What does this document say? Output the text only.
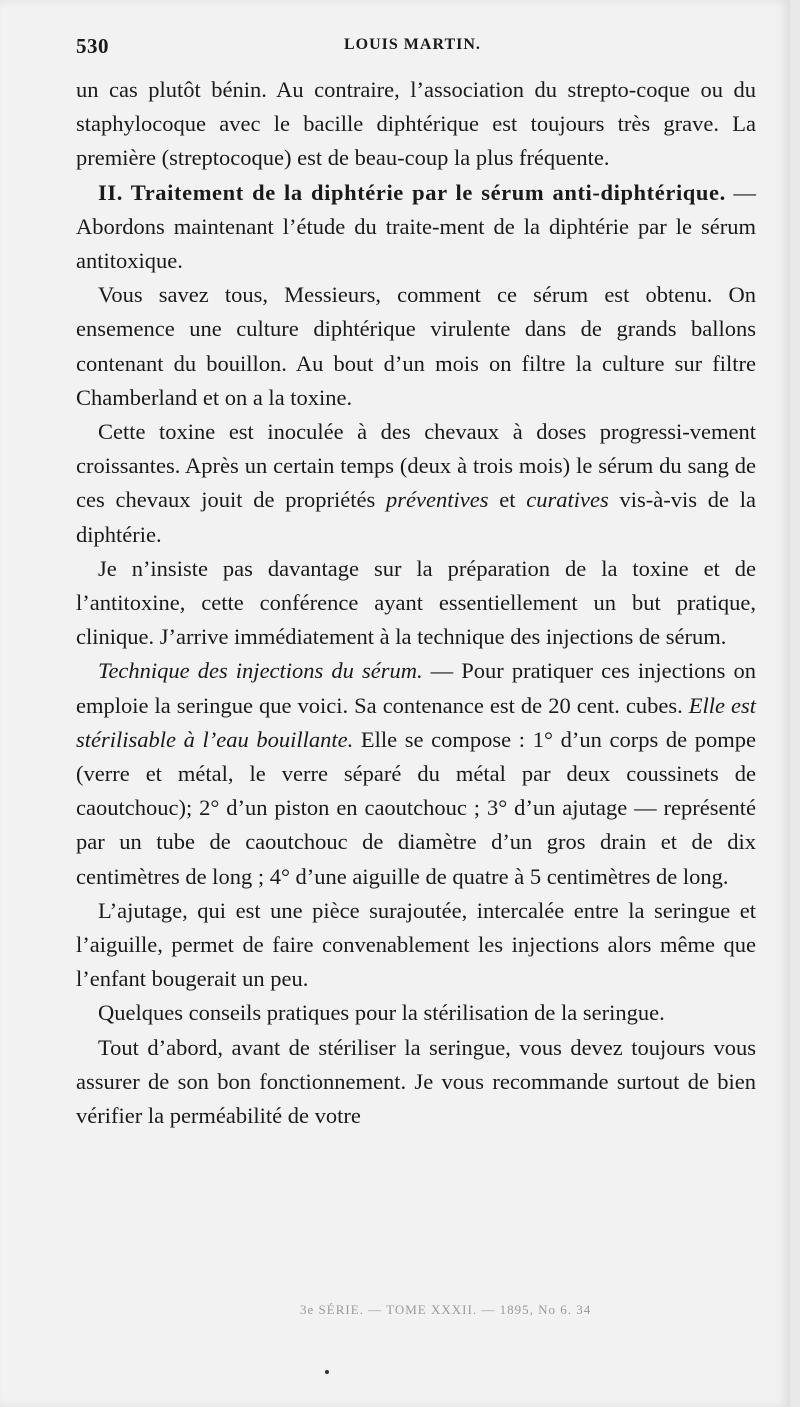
530	LOUIS MARTIN.

un cas plutôt bénin. Au contraire, l’association du strepto-coque ou du staphylocoque avec le bacille diphtérique est toujours très grave. La première (streptocoque) est de beau-coup la plus fréquente.

II. Traitement de la diphtérie par le sérum anti-diphtérique. — Abordons maintenant l’étude du traite-ment de la diphtérie par le sérum antitoxique.

Vous savez tous, Messieurs, comment ce sérum est obtenu. On ensemence une culture diphtérique virulente dans de grands ballons contenant du bouillon. Au bout d’un mois on filtre la culture sur filtre Chamberland et on a la toxine.

Cette toxine est inoculée à des chevaux à doses progressi-vement croissantes. Après un certain temps (deux à trois mois) le sérum du sang de ces chevaux jouit de propriétés préventives et curatives vis-à-vis de la diphtérie.

Je n’insiste pas davantage sur la préparation de la toxine et de l’antitoxine, cette conférence ayant essentiellement un but pratique, clinique. J’arrive immédiatement à la technique des injections de sérum.

Technique des injections du sérum. — Pour pratiquer ces injections on emploie la seringue que voici. Sa contenance est de 20 cent. cubes. Elle est stérilisable à l’eau bouillante. Elle se compose : 1° d’un corps de pompe (verre et métal, le verre séparé du métal par deux coussinets de caoutchouc); 2° d’un piston en caoutchouc ; 3° d’un ajutage — représenté par un tube de caoutchouc de diamètre d’un gros drain et de dix centimètres de long ; 4° d’une aiguille de quatre à 5 centimètres de long.

L’ajutage, qui est une pièce surajoutée, intercalée entre la seringue et l’aiguille, permet de faire convenablement les injections alors même que l’enfant bougerait un peu.

Quelques conseils pratiques pour la stérilisation de la seringue.

Tout d’abord, avant de stériliser la seringue, vous devez toujours vous assurer de son bon fonctionnement. Je vous recommande surtout de bien vérifier la perméabilité de votre

3e SÉRIE. — TOME XXXII. — 1895, No 6. 34
